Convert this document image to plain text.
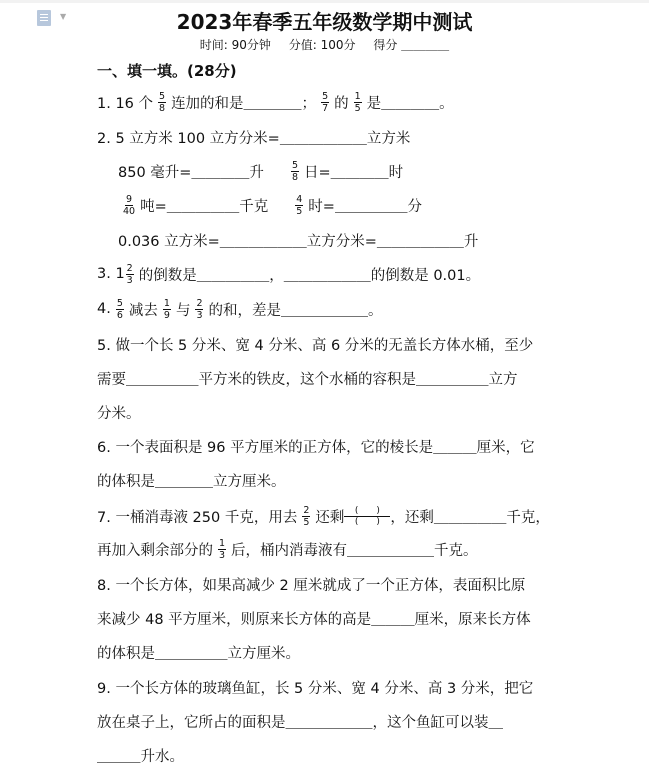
▼	2023年春季五年级数学期中测试
时间: 90分钟 分值: 100分 得分 ＿＿＿＿
一、填一填。(28分)
1. 16 个 $\frac{5}{8}$ 连加的和是＿＿＿＿； $\frac{5}{7}$ 的 $\frac{1}{5}$ 是＿＿＿＿。
2. 5 立方米 100 立方分米=＿＿＿＿＿＿立方米
850 毫升=＿＿＿＿升	$\frac{5}{8}$ 日=＿＿＿＿时
$\frac{9}{40}$ 吨=＿＿＿＿＿千克	$\frac{4}{5}$ 时=＿＿＿＿＿分
0.036 立方米=＿＿＿＿＿＿立方分米=＿＿＿＿＿＿升
3. $1 \frac{2}{3}$ 的倒数是＿＿＿＿＿，＿＿＿＿＿＿的倒数是 0.01。
4. $\frac{5}{6}$ 减去 $\frac{1}{9}$ 与 $\frac{2}{3}$ 的和，差是＿＿＿＿＿＿。
5. 做一个长 5 分米、宽 4 分米、高 6 分米的无盖长方体水桶，至少
需要＿＿＿＿＿平方米的铁皮，这个水桶的容积是＿＿＿＿＿立方
分米。
6. 一个表面积是 96 平方厘米的正方体，它的棱长是＿＿＿厘米，它
的体积是＿＿＿＿立方厘米。
7. 一桶消毒液 250 千克，用去 $\frac{2}{5}$ 还剩	(　　)
(　　) ，还剩＿＿＿＿＿千克，
再加入剩余部分的 $\frac{1}{3}$ 后，桶内消毒液有＿＿＿＿＿＿千克。
8. 一个长方体，如果高减少 2 厘米就成了一个正方体，表面积比原
来减少 48 平方厘米，则原来长方体的高是＿＿＿厘米，原来长方体
的体积是＿＿＿＿＿立方厘米。
9. 一个长方体的玻璃鱼缸，长 5 分米、宽 4 分米、高 3 分米，把它
放在桌子上，它所占的面积是＿＿＿＿＿＿，这个鱼缸可以装＿
＿＿＿升水。
